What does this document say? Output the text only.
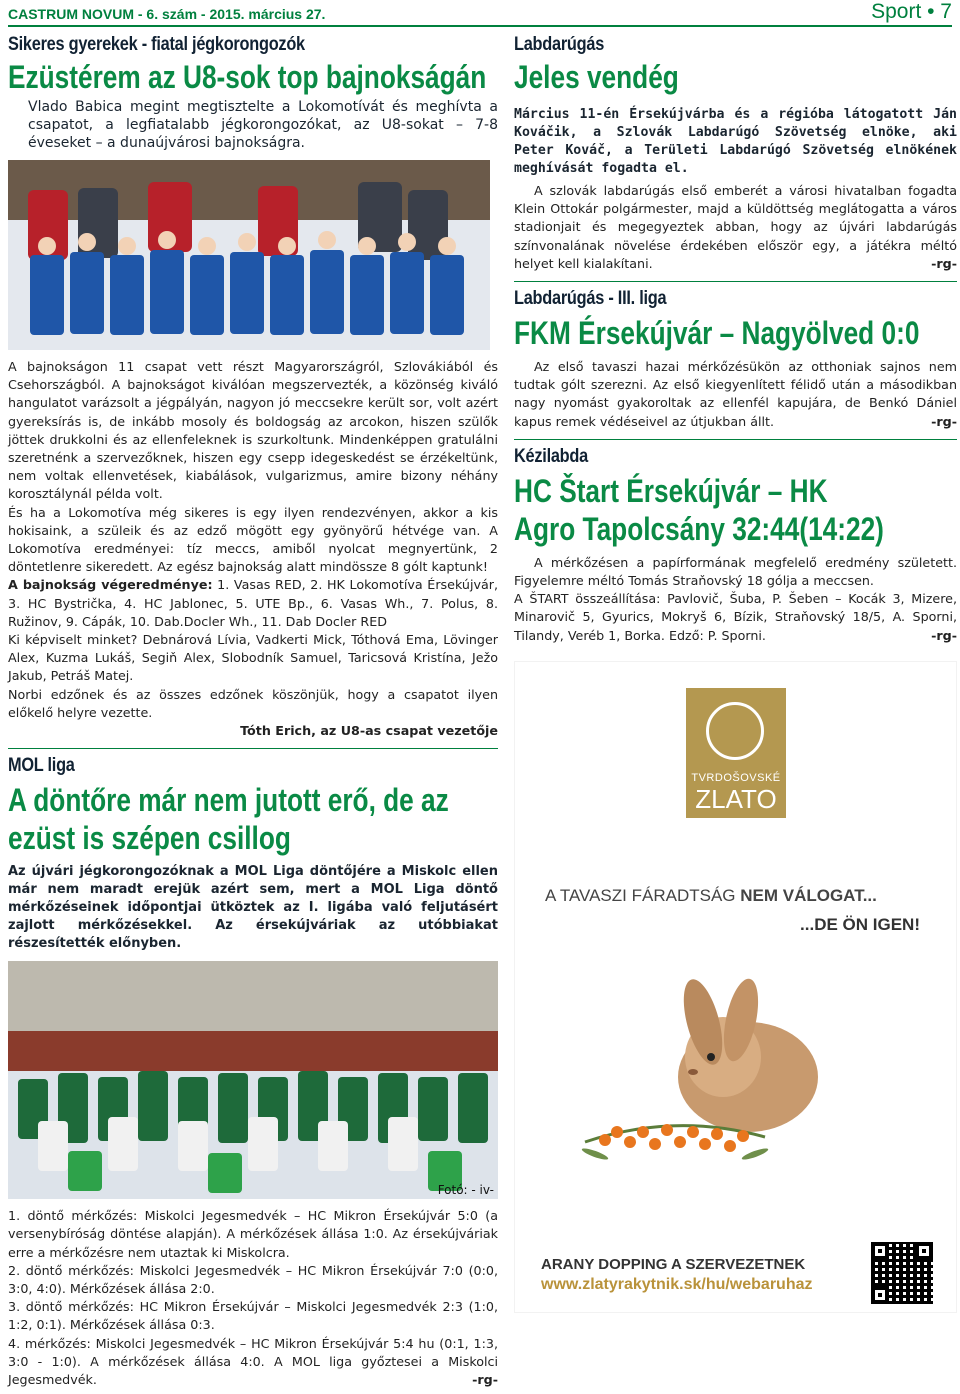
CASTRUM NOVUM - 6. szám - 2015. március 27.	Sport • 7
Sikeres gyerekek - fiatal jégkorongozók
Ezüstérem az U8-sok top bajnokságán
Vlado Babica megint megtisztelte a Lokomotívát és meghívta a csapatot, a legfiatalabb jégkorongozókat, az U8-sokat – 7-8 éveseket – a dunaújvárosi bajnokságra.

A bajnokságon 11 csapat vett részt Magyarországról, Szlovákiából és Csehországból. A bajnokságot kiválóan megszervezték, a közönség kiváló hangulatot varázsolt a jégpályán, nagyon jó meccsekre került sor, volt azért gyereksírás is, de inkább mosoly és boldogság az arcokon, hiszen szülők jöttek drukkolni és az ellenfeleknek is szurkoltunk. Mindenképpen gratulálni szeretnénk a szervezőknek, hiszen egy csepp idegeskedést se érzékeltünk, nem voltak ellenvetések, kiabálások, vulgarizmus, amire bizony néhány korosztálynál példa volt.

És ha a Lokomotíva még sikeres is egy ilyen rendezvényen, akkor a kis hokisaink, a szüleik és az edző mögött egy gyönyörű hétvége van. A Lokomotíva eredményei: tíz meccs, amiből nyolcat megnyertünk, 2 döntetlenre sikeredett. Az egész bajnokság alatt mindössze 8 gólt kaptunk!

A bajnokság végeredménye: 1. Vasas RED, 2. HK Lokomotíva Érsekújvár, 3. HC Bystrička, 4. HC Jablonec, 5. UTE Bp., 6. Vasas Wh., 7. Polus, 8. Ružinov, 9. Cápák, 10. Dab.Docler Wh., 11. Dab Docler RED

Ki képviselt minket? Debnárová Lívia, Vadkerti Mick, Tóthová Ema, Lövinger Alex, Kuzma Lukáš, Segiň Alex, Slobodník Samuel, Taricsová Kristína, Ježo Jakub, Petráš Matej.

Norbi edzőnek és az összes edzőnek köszönjük, hogy a csapatot ilyen előkelő helyre vezette.

Tóth Erich, az U8-as csapat vezetője
MOL liga
A döntőre már nem jutott erő, de az
ezüst is szépen csillog
Az újvári jégkorongozóknak a MOL Liga döntőjére a Miskolc ellen már nem maradt erejük azért sem, mert a MOL Liga döntő mérkőzéseinek időpontjai ütköztek az I. ligába való feljutásért zajlott mérkőzésekkel. Az érsekújváriak az utóbbiakat részesítették előnyben.
Fotó: - iv-

1. döntő mérkőzés: Miskolci Jegesmedvék – HC Mikron Érsekújvár 5:0 (a versenybíróság döntése alapján). A mérkőzések állása 1:0. Az érsekújváriak erre a mérkőzésre nem utaztak ki Miskolcra.

2. döntő mérkőzés: Miskolci Jegesmedvék – HC Mikron Érsekújvár 7:0 (0:0, 3:0, 4:0). Mérkőzések állása 2:0.

3. döntő mérkőzés: HC Mikron Érsekújvár – Miskolci Jegesmedvék 2:3 (1:0, 1:2, 0:1). Mérkőzések állása 0:3.

4. mérkőzés: Miskolci Jegesmedvék – HC Mikron Érsekújvár 5:4 hu (0:1, 1:3, 3:0 - 1:0). A mérkőzések állása 4:0. A MOL liga győztesei a Miskolci Jegesmedvék.	-rg-

Labdarúgás
Jeles vendég
Március 11-én Érsekújvárba és a régióba látogatott Ján Kováčik, a Szlovák Labdarúgó Szövetség elnöke, aki Peter Kováč, a Területi Labdarúgó Szövetség elnökének meghívását fogadta el.

A szlovák labdarúgás első emberét a városi hivatalban fogadta Klein Ottokár polgármester, majd a küldöttség meglátogatta a város stadionjait és megegyeztek abban, hogy az újvári labdarúgás színvonalának növelése érdekében először egy, a játékra méltó helyet kell kialakítani.	-rg-

Labdarúgás - III. liga
FKM Érsekújvár – Nagyölved 0:0

Az első tavaszi hazai mérkőzésükön az otthoniak sajnos nem tudtak gólt szerezni. Az első kiegyenlített félidő után a másodikban nagy nyomást gyakoroltak az ellenfél kapujára, de Benkó Dániel kapus remek védéseivel az útjukban állt.	-rg-

Kézilabda
HC Štart Érsekújvár – HK
Agro Tapolcsány 32:44(14:22)

A mérkőzésen a papírformának megfelelő eredmény született. Figyelemre méltó Tomás Straňovský 18 gólja a meccsen.

A ŠTART összeállítása: Pavlovič, Šuba, P. Šeben – Kocák 3, Mizere, Minarovič 5, Gyurics, Mokryš 6, Bízik, Straňovský 18/5, A. Sporni, Tilandy, Veréb 1, Borka. Edző: P. Sporni.	-rg-

TVRDOŠOVSKÉ
ZLATO
A TAVASZI FÁRADTSÁG NEM VÁLOGAT...
...DE ÖN IGEN!
ARANY DOPPING A SZERVEZETNEK
www.zlatyrakytnik.sk/hu/webaruhaz
